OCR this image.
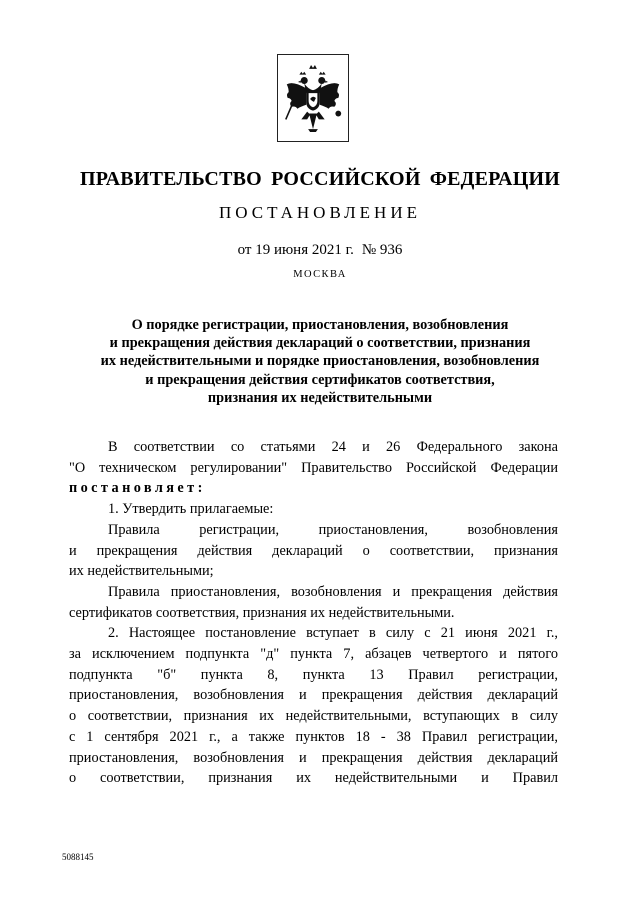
ПРАВИТЕЛЬСТВО РОССИЙСКОЙ ФЕДЕРАЦИИ
ПОСТАНОВЛЕНИЕ
от 19 июня 2021 г. № 936
МОСКВА
О порядке регистрации, приостановления, возобновления
и прекращения действия деклараций о соответствии, признания
их недействительными и порядке приостановления, возобновления
и прекращения действия сертификатов соответствия,
признания их недействительными
В соответствии со статьями 24 и 26 Федерального закона
"О техническом регулировании" Правительство Российской Федерации
постановляет:
1. Утвердить прилагаемые:
Правила регистрации, приостановления, возобновления
и прекращения действия деклараций о соответствии, признания
их недействительными;
Правила приостановления, возобновления и прекращения действия
сертификатов соответствия, признания их недействительными.
2. Настоящее постановление вступает в силу с 21 июня 2021 г.,
за исключением подпункта "д" пункта 7, абзацев четвертого и пятого
подпункта "б" пункта 8, пункта 13 Правил регистрации,
приостановления, возобновления и прекращения действия деклараций
о соответствии, признания их недействительными, вступающих в силу
с 1 сентября 2021 г., а также пунктов 18 - 38 Правил регистрации,
приостановления, возобновления и прекращения действия деклараций
о соответствии, признания их недействительными и Правил
5088145
